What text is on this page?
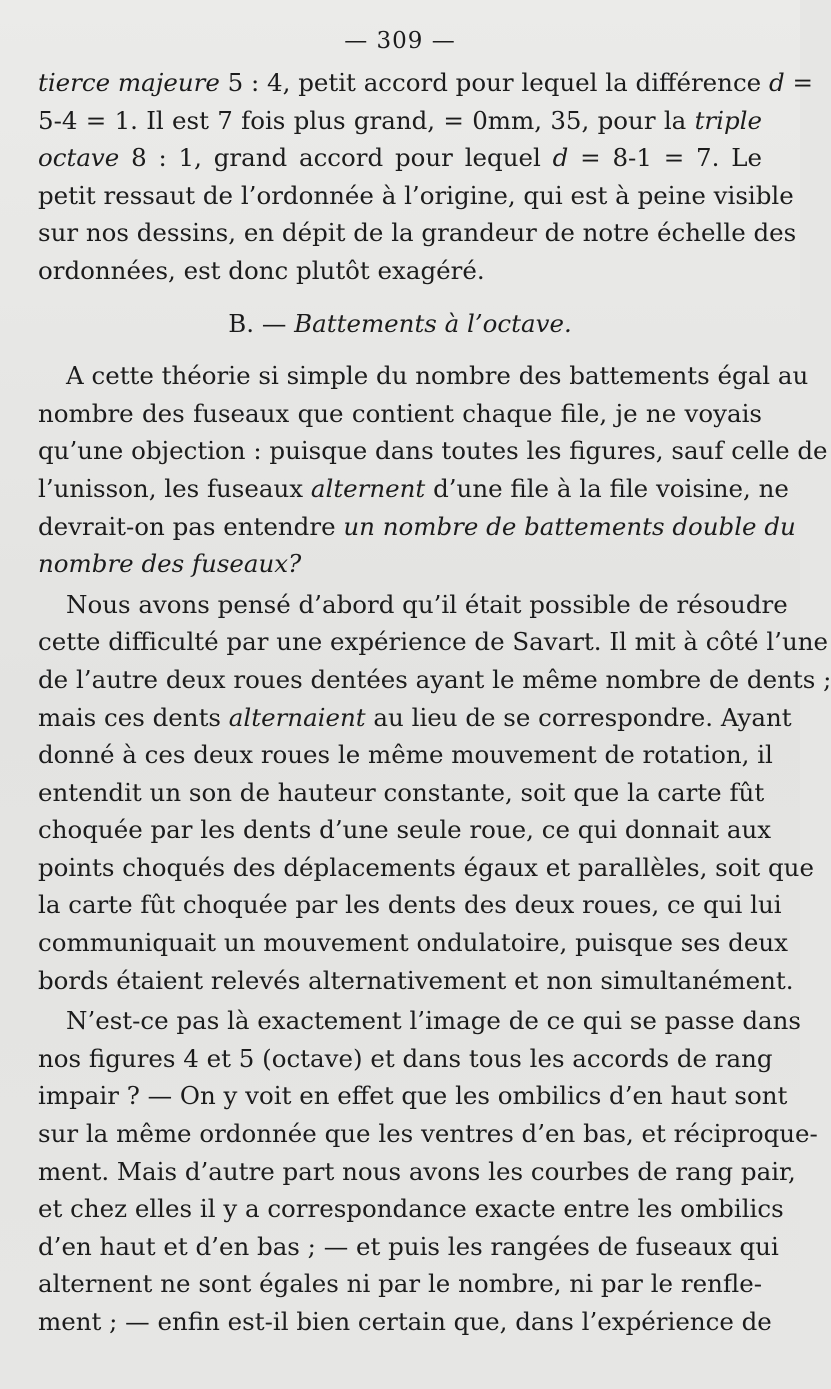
— 309 —
tierce majeure 5 : 4, petit accord pour lequel la différence d =
5-4 = 1. Il est 7 fois plus grand, = 0mm, 35, pour la triple
octave 8 : 1, grand accord pour lequel d = 8-1 = 7. Le
petit ressaut de l’ordonnée à l’origine, qui est à peine visible
sur nos dessins, en dépit de la grandeur de notre échelle des
ordonnées, est donc plutôt exagéré.
B. — Battements à l’octave.
A cette théorie si simple du nombre des battements égal au
nombre des fuseaux que contient chaque file, je ne voyais
qu’une objection : puisque dans toutes les figures, sauf celle de
l’unisson, les fuseaux alternent d’une file à la file voisine, ne
devrait-on pas entendre un nombre de battements double du
nombre des fuseaux?
Nous avons pensé d’abord qu’il était possible de résoudre
cette difficulté par une expérience de Savart. Il mit à côté l’une
de l’autre deux roues dentées ayant le même nombre de dents ;
mais ces dents alternaient au lieu de se correspondre. Ayant
donné à ces deux roues le même mouvement de rotation, il
entendit un son de hauteur constante, soit que la carte fût
choquée par les dents d’une seule roue, ce qui donnait aux
points choqués des déplacements égaux et parallèles, soit que
la carte fût choquée par les dents des deux roues, ce qui lui
communiquait un mouvement ondulatoire, puisque ses deux
bords étaient relevés alternativement et non simultanément.
N’est-ce pas là exactement l’image de ce qui se passe dans
nos figures 4 et 5 (octave) et dans tous les accords de rang
impair ? — On y voit en effet que les ombilics d’en haut sont
sur la même ordonnée que les ventres d’en bas, et réciproque-
ment. Mais d’autre part nous avons les courbes de rang pair,
et chez elles il y a correspondance exacte entre les ombilics
d’en haut et d’en bas ; — et puis les rangées de fuseaux qui
alternent ne sont égales ni par le nombre, ni par le renfle-
ment ; — enfin est-il bien certain que, dans l’expérience de
